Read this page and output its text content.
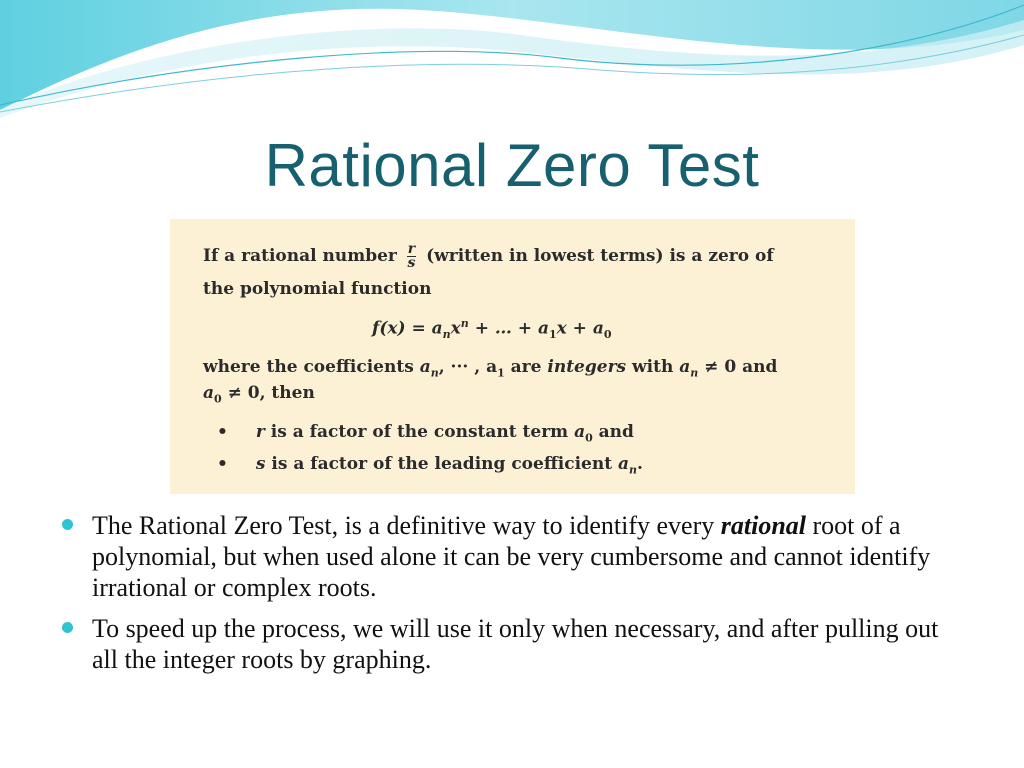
Rational Zero Test
If a rational number $\frac{r}{s}$ (written in lowest terms) is a zero of
the polynomial function
$f(x) = a_nx^n$ + … + $a_1x + a_0$
where the coefficients $a_n$, ··· , $a_1$ are integers with $a_n \ne 0$ and
$a_0 \ne 0$, then
• r is a factor of the constant term $a_0$ and
• s is a factor of the leading coefficient $a_n$.
The Rational Zero Test, is a definitive way to identify every rational root of a polynomial, but when used alone it can be very cumbersome and cannot identify irrational or complex roots.
To speed up the process, we will use it only when necessary, and after pulling out all the integer roots by graphing.
